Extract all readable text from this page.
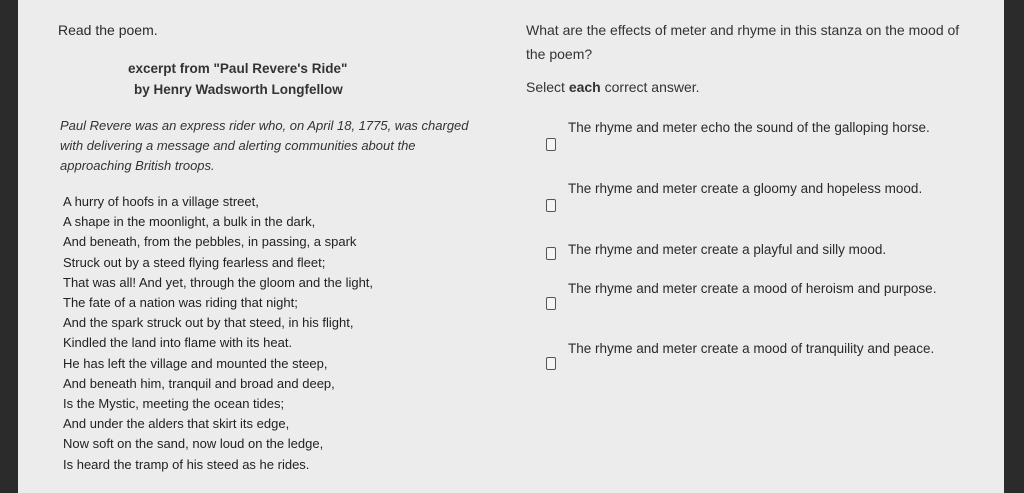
Read the poem.
excerpt from "Paul Revere's Ride"
by Henry Wadsworth Longfellow
Paul Revere was an express rider who, on April 18, 1775, was charged with delivering a message and alerting communities about the approaching British troops.
A hurry of hoofs in a village street,
A shape in the moonlight, a bulk in the dark,
And beneath, from the pebbles, in passing, a spark
Struck out by a steed flying fearless and fleet;
That was all! And yet, through the gloom and the light,
The fate of a nation was riding that night;
And the spark struck out by that steed, in his flight,
Kindled the land into flame with its heat.
He has left the village and mounted the steep,
And beneath him, tranquil and broad and deep,
Is the Mystic, meeting the ocean tides;
And under the alders that skirt its edge,
Now soft on the sand, now loud on the ledge,
Is heard the tramp of his steed as he rides.
What are the effects of meter and rhyme in this stanza on the mood of the poem?
Select each correct answer.
The rhyme and meter echo the sound of the galloping horse.
The rhyme and meter create a gloomy and hopeless mood.
The rhyme and meter create a playful and silly mood.
The rhyme and meter create a mood of heroism and purpose.
The rhyme and meter create a mood of tranquility and peace.
